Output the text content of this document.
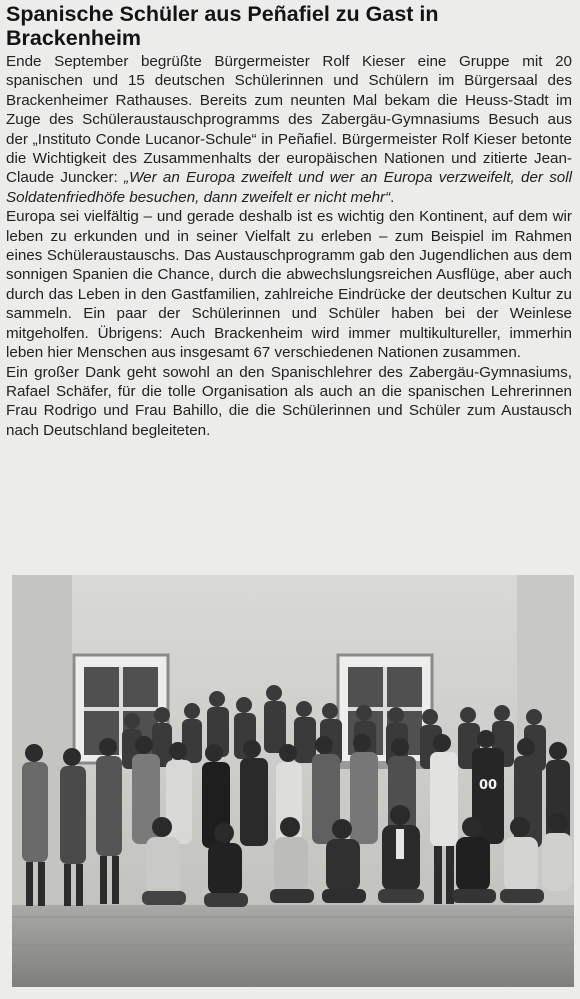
Spanische Schüler aus Peñafiel zu Gast in Brackenheim

Ende September begrüßte Bürgermeister Rolf Kieser eine Gruppe mit 20 spanischen und 15 deutschen Schülerinnen und Schülern im Bürgersaal des Brackenheimer Rathauses. Bereits zum neunten Mal bekam die Heuss-Stadt im Zuge des Schüleraustauschprogramms des Zabergäu-Gymnasiums Besuch aus der „Instituto Conde Lucanor-Schule“ in Peñafiel. Bürgermeister Rolf Kieser betonte die Wichtigkeit des Zusammenhalts der europäischen Nationen und zitierte Jean-Claude Juncker: „Wer an Europa zweifelt und wer an Europa verzweifelt, der soll Soldatenfriedhöfe besuchen, dann zweifelt er nicht mehr“.

Europa sei vielfältig – und gerade deshalb ist es wichtig den Kontinent, auf dem wir leben zu erkunden und in seiner Vielfalt zu erleben – zum Beispiel im Rahmen eines Schüleraustauschs. Das Austauschprogramm gab den Jugendlichen aus dem sonnigen Spanien die Chance, durch die abwechslungsreichen Ausflüge, aber auch durch das Leben in den Gastfamilien, zahlreiche Eindrücke der deutschen Kultur zu sammeln. Ein paar der Schülerinnen und Schüler haben bei der Weinlese mitgeholfen. Übrigens: Auch Brackenheim wird immer multikultureller, immerhin leben hier Menschen aus insgesamt 67 verschiedenen Nationen zusammen.

Ein großer Dank geht sowohl an den Spanischlehrer des Zabergäu-Gymnasiums, Rafael Schäfer, für die tolle Organisation als auch an die spanischen Lehrerinnen Frau Rodrigo und Frau Bahillo, die die Schülerinnen und Schüler zum Austausch nach Deutschland begleiteten.

00
